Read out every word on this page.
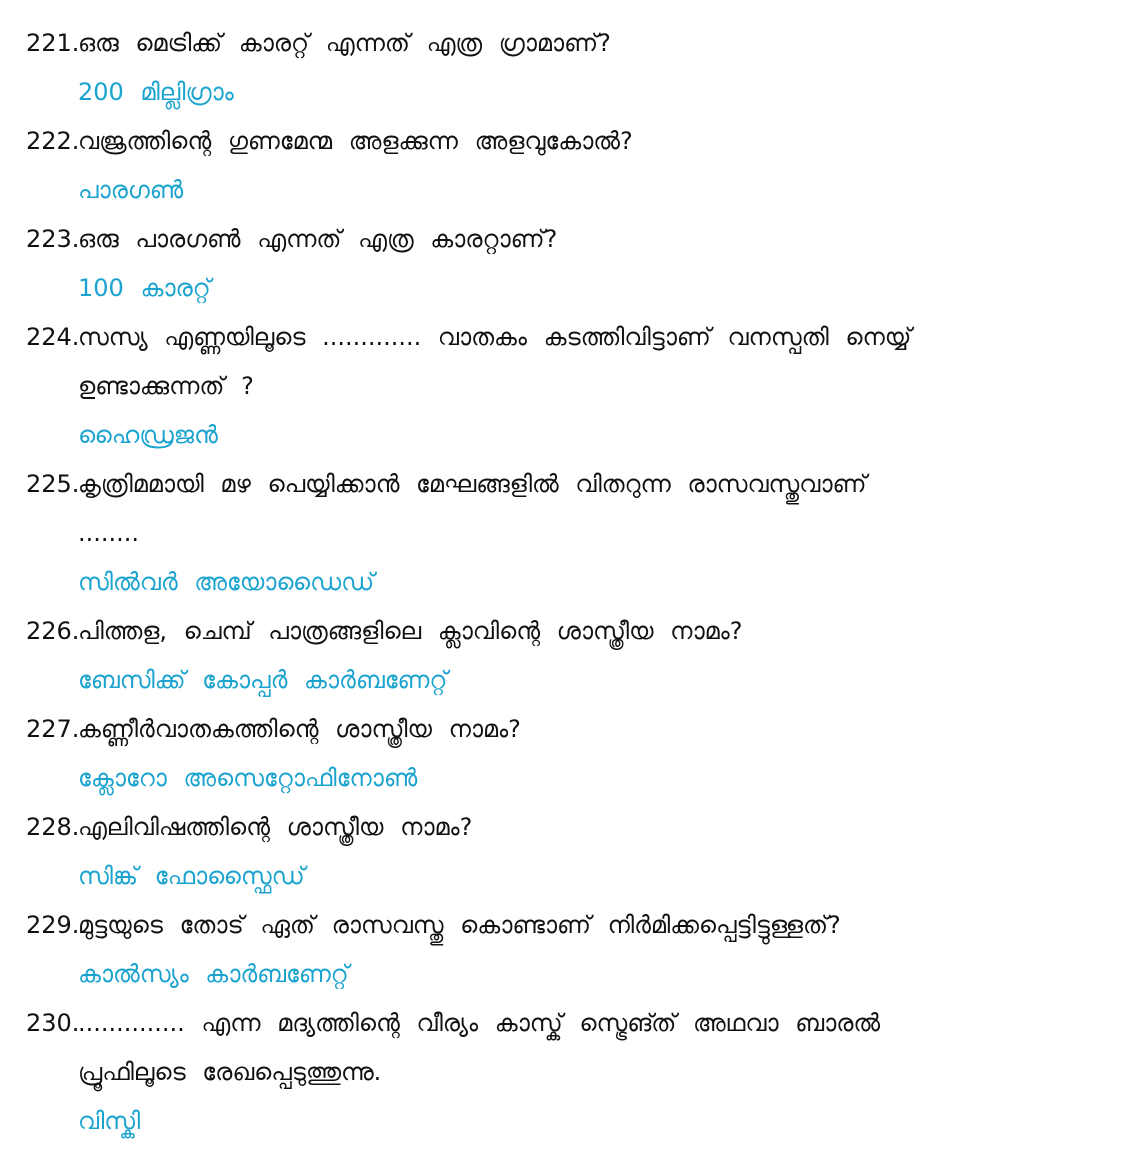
221.
ഒരു മെട്രിക്ക് കാരറ്റ് എന്നത് എത്ര ഗ്രാമാണ്?
200 മില്ലിഗ്രാം
222.
വജ്രത്തിന്റെ ഗുണമേന്മ അളക്കുന്ന അളവുകോൽ?
പാരഗൺ
223.
ഒരു പാരഗൺ എന്നത് എത്ര കാരറ്റാണ്?
100 കാരറ്റ്
224.
സസ്യ എണ്ണയിലൂടെ ............. വാതകം കടത്തിവിട്ടാണ് വനസ്പതി നെയ്യ്
ഉണ്ടാക്കുന്നത് ?
ഹൈഡ്രജൻ
225.
കൃത്രിമമായി മഴ പെയ്യിക്കാൻ മേഘങ്ങളിൽ വിതറുന്ന രാസവസ്തുവാണ്
........
സിൽവർ അയോഡൈഡ്
226.
പിത്തള, ചെമ്പ് പാത്രങ്ങളിലെ ക്ലാവിന്റെ ശാസ്ത്രീയ നാമം?
ബേസിക്ക് കോപ്പർ കാർബണേറ്റ്
227.
കണ്ണീർവാതകത്തിന്റെ ശാസ്ത്രീയ നാമം?
ക്ലോറോ അസെറ്റോഫിനോൺ
228.
എലിവിഷത്തിന്റെ ശാസ്ത്രീയ നാമം?
സിങ്ക് ഫോസ്ഫൈഡ്
229.
മുട്ടയുടെ തോട് ഏത് രാസവസ്തു കൊണ്ടാണ് നിർമിക്കപ്പെട്ടിട്ടുള്ളത്?
കാൽസ്യം കാർബണേറ്റ്
230.
.............. എന്ന മദ്യത്തിന്റെ വീര്യം കാസ്ക് സ്ട്രെങ്ത് അഥവാ ബാരൽ
പ്രൂഫിലൂടെ രേഖപ്പെടുത്തുന്നു.
വിസ്കി
